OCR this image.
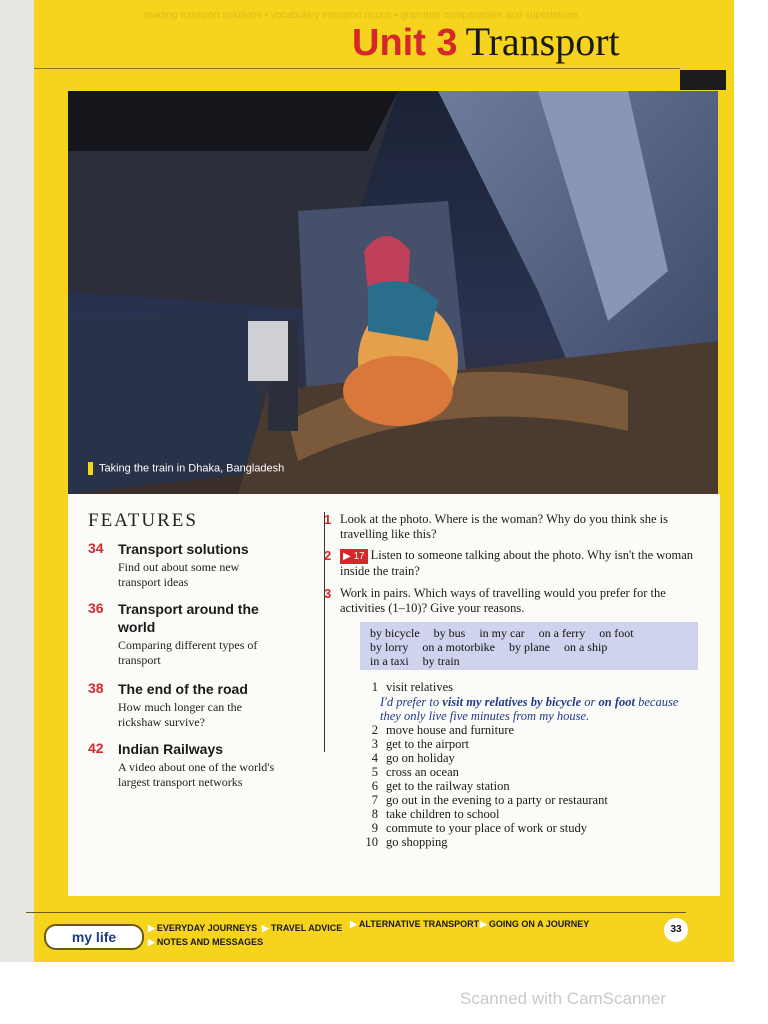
reading transport solutions • vocabulary transport nouns • grammar comparatives and superlatives
Unit 3 Transport
Taking the train in Dhaka, Bangladesh
FEATURES
34 Transport solutions
Find out about some new transport ideas
36 Transport around the world
Comparing different types of transport
38 The end of the road
How much longer can the rickshaw survive?
42 Indian Railways
A video about one of the world's largest transport networks
1 Look at the photo. Where is the woman? Why do you think she is travelling like this?
2 ▶ 17 Listen to someone talking about the photo. Why isn't the woman inside the train?
3 Work in pairs. Which ways of travelling would you prefer for the activities (1–10)? Give your reasons.
by bicycle by bus in my car on a ferry on foot
by lorry on a motorbike by plane on a ship
in a taxi by train
1 visit relatives
I'd prefer to visit my relatives by bicycle or on foot because
they only live five minutes from my house.
2 move house and furniture
3 get to the airport
4 go on holiday
5 cross an ocean
6 get to the railway station
7 go out in the evening to a party or restaurant
8 take children to school
9 commute to your place of work or study
10 go shopping
my life
▶ EVERYDAY JOURNEYS ▶ TRAVEL ADVICE ▶ ALTERNATIVE TRANSPORT ▶ GOING ON A JOURNEY
▶ NOTES AND MESSAGES
33
Scanned with CamScanner
